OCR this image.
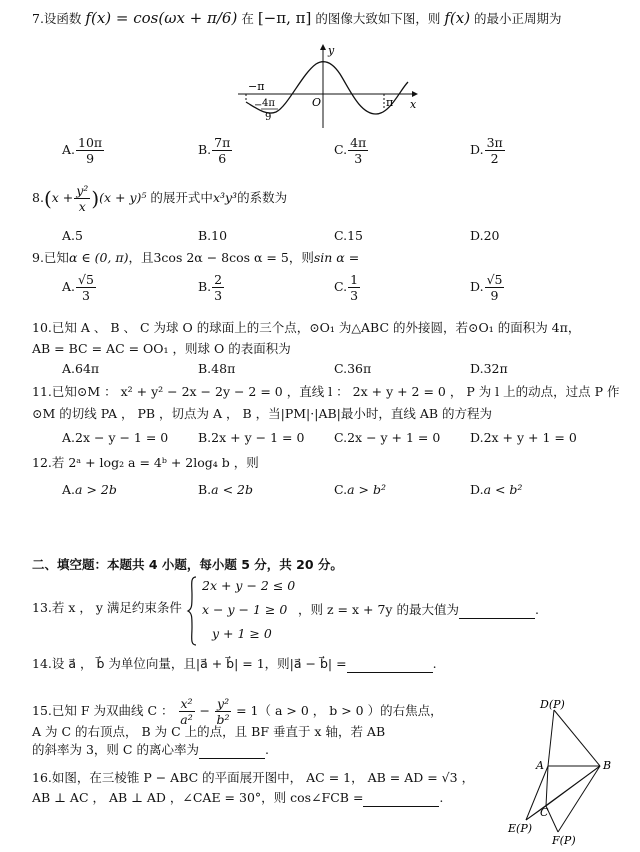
7.设函数 f(x) = cos(ωx + π/6) 在 [−π, π] 的图像大致如下图，则 f(x) 的最小正周期为
y
x
O
−π
π
− 4π
9
A. $\frac{10\pi}{9}$	B. $\frac{7\pi}{6}$	C. $\frac{4\pi}{3}$	D. $\frac{3\pi}{2}$
$8.(x + \frac{\text{y²}}{x} )(x + y)^5$ 的展开式中x³y³的系数为
A.5	B.10	C.15	D.20
9.已知α ∈ (0, π)，且3cos 2α − 8cos α = 5，则sin α =
A. $\frac{√5}{3}$	B. $\frac{2}{3}$	C. $\frac{1}{3}$	D. $\frac{√5}{9}$
10.已知 A 、 B 、 C 为球 O 的球面上的三个点，⊙O₁ 为△ABC 的外接圆，若⊙O₁ 的面积为 4π，
AB = BC = AC = OO₁ ，则球 O 的表面积为
A.64π	B.48π	C.36π	D.32π
11.已知⊙M ： x² + y² − 2x − 2y − 2 = 0 ，直线 l ： 2x + y + 2 = 0 ， P 为 l 上的动点，过点 P 作
⊙M 的切线 PA ， PB ，切点为 A ， B ，当|PM|·|AB|最小时，直线 AB 的方程为
A.2x − y − 1 = 0 B.2x + y − 1 = 0 C.2x − y + 1 = 0 D.2x + y + 1 = 0
12.若 2ᵃ + log₂ a = 4ᵇ + 2log₄ b ，则
A.a > 2b	B.a < 2b	C.a > b²	D.a < b²
二、填空题：本题共 4 小题，每小题 5 分，共 20 分。
13.若 x ， y 满足约束条件
2x + y − 2 ≤ 0
x − y − 1 ≥ 0
y + 1 ≥ 0
，则 z = x + 7y 的最大值为	.
14.设 a⃗ ， b⃗ 为单位向量，且|a⃗ + b⃗| = 1，则|a⃗ − b⃗| =	.
15.已知 F 为双曲线 C ： $\frac{\text{x²}}{\text{a²}} - \frac{\text{y²}}{\text{b²}} = 1$（ a > 0 ， b > 0 ）的右焦点，
A 为 C 的右顶点， B 为 C 上的点，且 BF 垂直于 x 轴，若 AB
的斜率为 3，则 C 的离心率为	.
16.如图，在三棱锥 P − ABC 的平面展开图中， AC = 1， AB = AD = √3 ，
AB ⊥ AC ， AB ⊥ AD ，∠CAE = 30°，则 cos∠FCB =	.
D(P)
A	B
C
E(P)
F(P)
